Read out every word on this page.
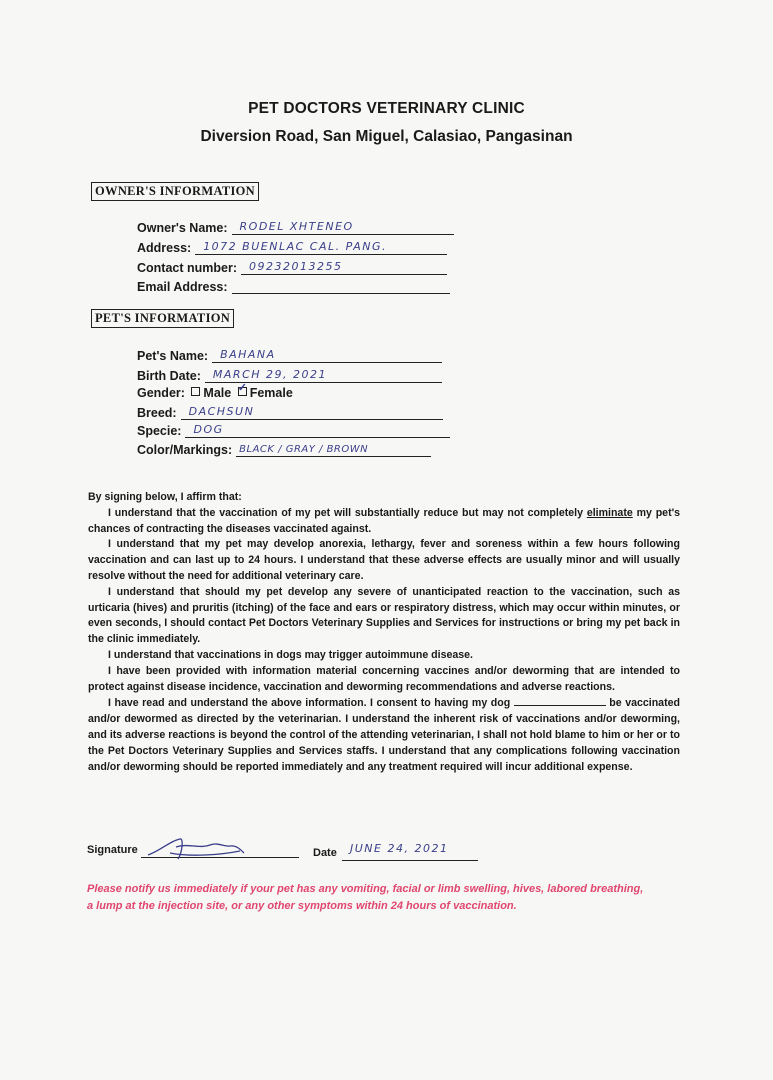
PET DOCTORS VETERINARY CLINIC
Diversion Road, San Miguel, Calasiao, Pangasinan
OWNER'S INFORMATION
Owner's Name: RODEL XHTENEO
Address: 1072 BUENLAC CAL. PANG.
Contact number: 09232013255
Email Address:
PET'S INFORMATION
Pet's Name: BAHANA
Birth Date: MARCH 29, 2021
Gender: Male ✓ Female
Breed: DACHSUN
Specie: DOG
Color/Markings: BLACK / GRAY / BROWN

By signing below, I affirm that:

I understand that the vaccination of my pet will substantially reduce but may not completely eliminate my pet's chances of contracting the diseases vaccinated against.

I understand that my pet may develop anorexia, lethargy, fever and soreness within a few hours following vaccination and can last up to 24 hours. I understand that these adverse effects are usually minor and will usually resolve without the need for additional veterinary care.

I understand that should my pet develop any severe of unanticipated reaction to the vaccination, such as urticaria (hives) and pruritis (itching) of the face and ears or respiratory distress, which may occur within minutes, or even seconds, I should contact Pet Doctors Veterinary Supplies and Services for instructions or bring my pet back in the clinic immediately.

I understand that vaccinations in dogs may trigger autoimmune disease.

I have been provided with information material concerning vaccines and/or deworming that are intended to protect against disease incidence, vaccination and deworming recommendations and adverse reactions.

I have read and understand the above information. I consent to having my dog	be vaccinated and/or dewormed as directed by the veterinarian. I understand the inherent risk of vaccinations and/or deworming, and its adverse reactions is beyond the control of the attending veterinarian, I shall not hold blame to him or her or to the Pet Doctors Veterinary Supplies and Services staffs. I understand that any complications following vaccination and/or deworming should be reported immediately and any treatment required will incur additional expense.

Signature	Date JUNE 24, 2021
Please notify us immediately if your pet has any vomiting, facial or limb swelling, hives, labored breathing, a lump at the injection site, or any other symptoms within 24 hours of vaccination.
